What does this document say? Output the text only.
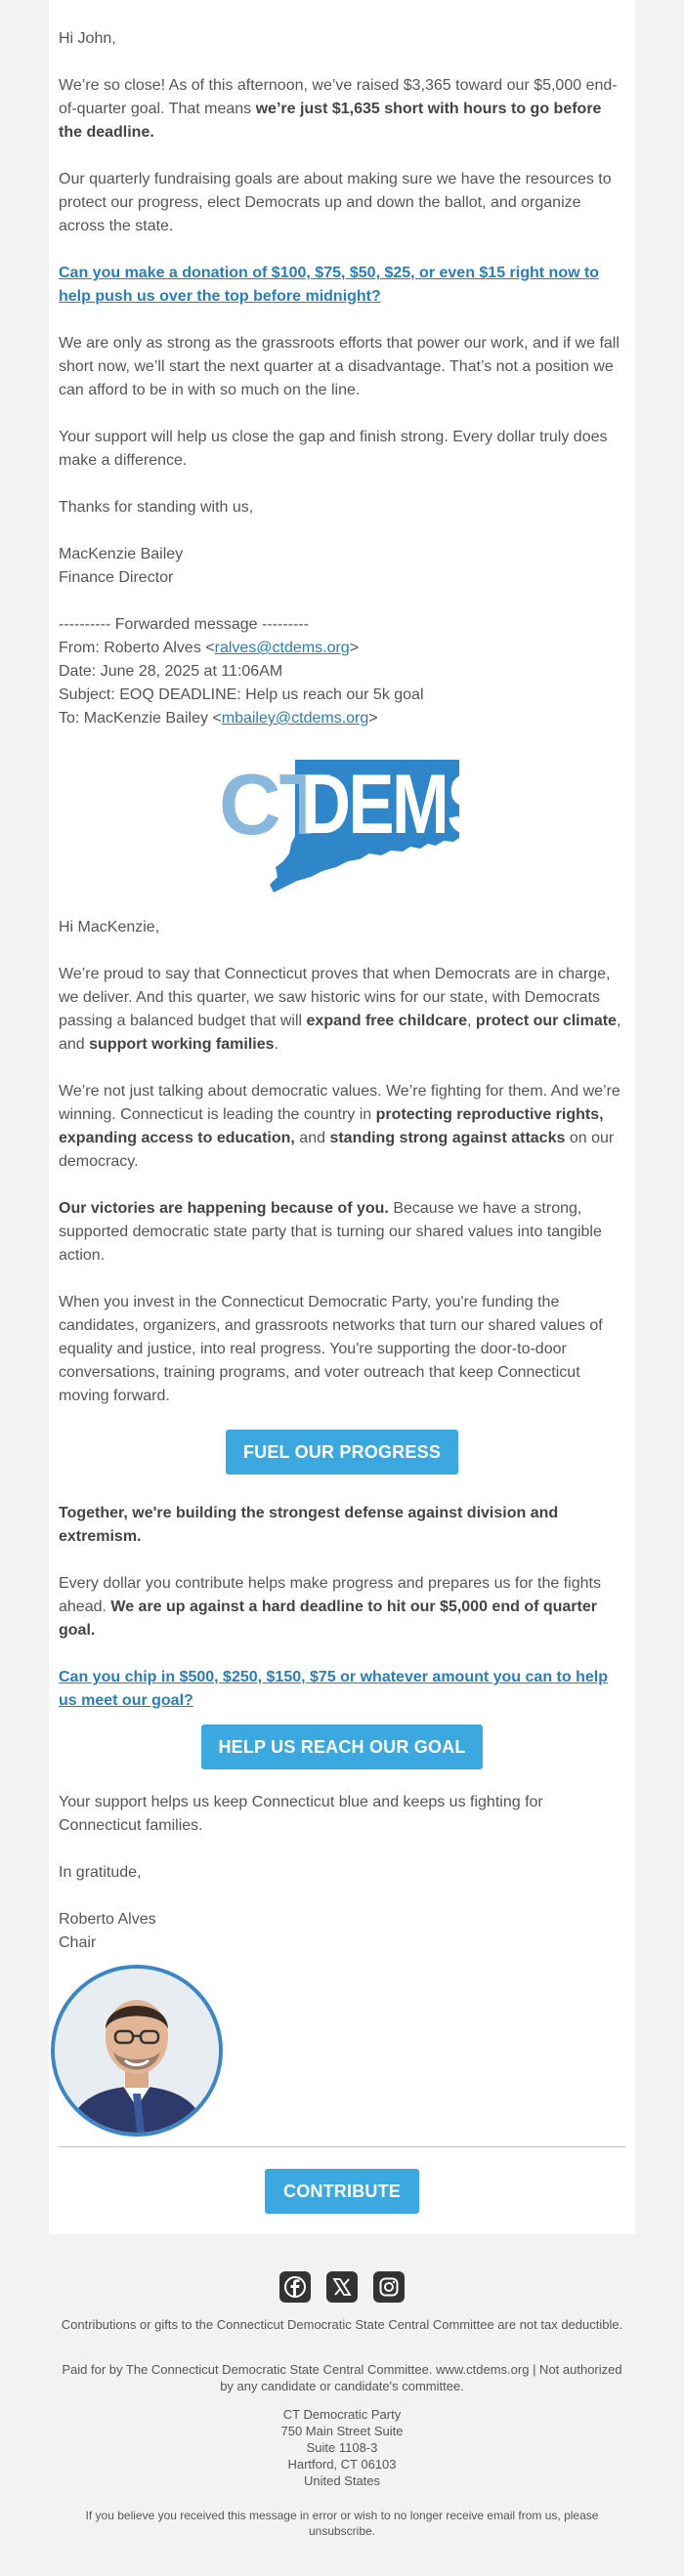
Hi John,

We’re so close! As of this afternoon, we’ve raised $3,365 toward our $5,000 end-of-quarter goal. That means we’re just $1,635 short with hours to go before the deadline.

Our quarterly fundraising goals are about making sure we have the resources to protect our progress, elect Democrats up and down the ballot, and organize across the state.

Can you make a donation of $100, $75, $50, $25, or even $15 right now to help push us over the top before midnight?

We are only as strong as the grassroots efforts that power our work, and if we fall short now, we’ll start the next quarter at a disadvantage. That’s not a position we can afford to be in with so much on the line.

Your support will help us close the gap and finish strong. Every dollar truly does make a difference.

Thanks for standing with us,

MacKenzie Bailey
Finance Director

---------- Forwarded message ---------

From: Roberto Alves <ralves@ctdems.org>

Date: June 28, 2025 at 11:06AM

Subject: EOQ DEADLINE: Help us reach our 5k goal

To: MacKenzie Bailey <mbailey@ctdems.org>

CT
DEMS

Hi MacKenzie,

We’re proud to say that Connecticut proves that when Democrats are in charge, we deliver. And this quarter, we saw historic wins for our state, with Democrats passing a balanced budget that will expand free childcare, protect our climate, and support working families.

We’re not just talking about democratic values. We’re fighting for them. And we’re winning. Connecticut is leading the country in protecting reproductive rights, expanding access to education, and standing strong against attacks on our democracy.

Our victories are happening because of you. Because we have a strong, supported democratic state party that is turning our shared values into tangible action.

When you invest in the Connecticut Democratic Party, you're funding the candidates, organizers, and grassroots networks that turn our shared values of equality and justice, into real progress. You're supporting the door-to-door conversations, training programs, and voter outreach that keep Connecticut moving forward.

Together, we're building the strongest defense against division and extremism.

Every dollar you contribute helps make progress and prepares us for the fights ahead. We are up against a hard deadline to hit our $5,000 end of quarter goal.

Can you chip in $500, $250, $150, $75 or whatever amount you can to help us meet our goal?

Your support helps us keep Connecticut blue and keeps us fighting for Connecticut families.

In gratitude,

Roberto Alves
Chair

FUEL OUR PROGRESS
HELP US REACH OUR GOAL
CONTRIBUTE
Contributions or gifts to the Connecticut Democratic State Central Committee are not tax deductible.
Paid for by The Connecticut Democratic State Central Committee. www.ctdems.org | Not authorized by any candidate or candidate's committee.
CT Democratic Party
750 Main Street Suite
Suite 1108-3
Hartford, CT 06103
United States
If you believe you received this message in error or wish to no longer receive email from us, please unsubscribe.
